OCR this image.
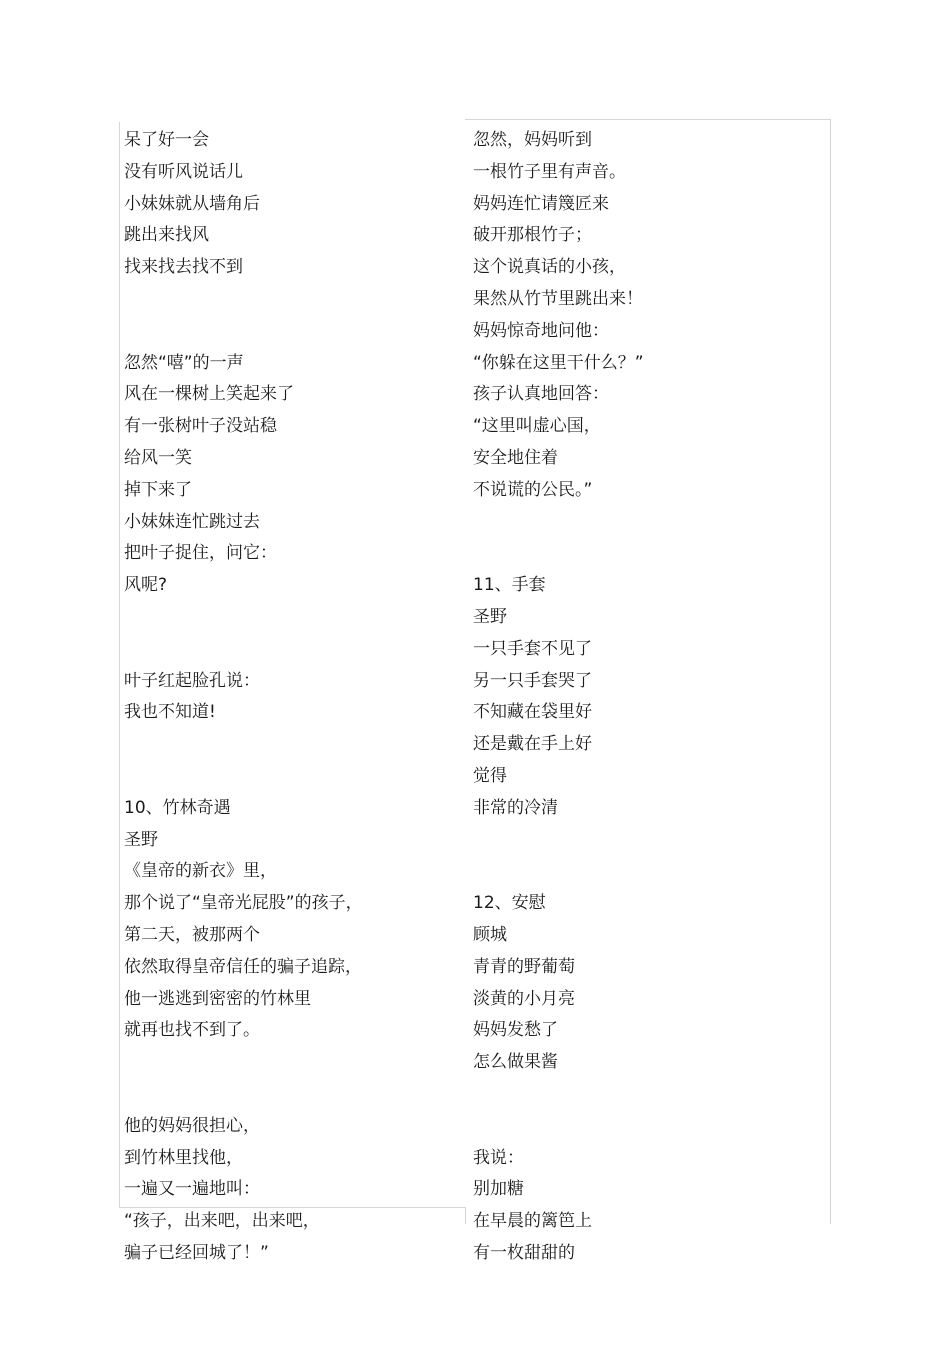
呆了好一会
没有听风说话儿
小妹妹就从墙角后
跳出来找风
找来找去找不到
忽然“嘻”的一声
风在一棵树上笑起来了
有一张树叶子没站稳
给风一笑
掉下来了
小妹妹连忙跳过去
把叶子捉住，问它：
风呢?
叶子红起脸孔说：
我也不知道!
10、竹林奇遇
圣野
《皇帝的新衣》里，
那个说了“皇帝光屁股”的孩子，
第二天，被那两个
依然取得皇帝信任的骗子追踪，
他一逃逃到密密的竹林里
就再也找不到了。
他的妈妈很担心，
到竹林里找他，
一遍又一遍地叫：
“孩子，出来吧，出来吧，
骗子已经回城了！”
忽然，妈妈听到
一根竹子里有声音。
妈妈连忙请篾匠来
破开那根竹子；
这个说真话的小孩，
果然从竹节里跳出来！
妈妈惊奇地问他：
“你躲在这里干什么？”
孩子认真地回答：
“这里叫虚心国，
安全地住着
不说谎的公民。”
11、手套
圣野
一只手套不见了
另一只手套哭了
不知藏在袋里好
还是戴在手上好
觉得
非常的冷清
12、安慰
顾城
青青的野葡萄
淡黄的小月亮
妈妈发愁了
怎么做果酱
我说：
别加糖
在早晨的篱笆上
有一枚甜甜的
